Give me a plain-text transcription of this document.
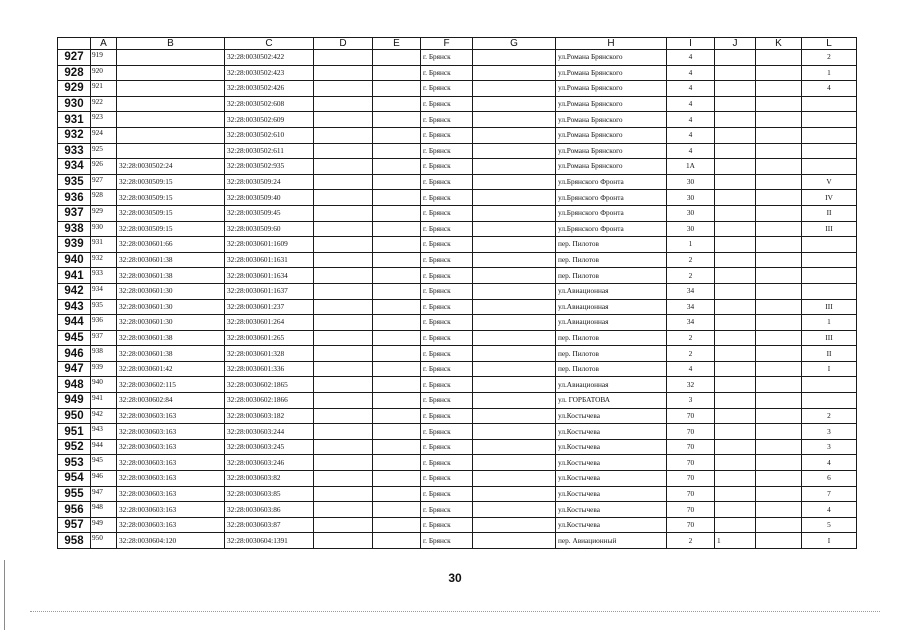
	A	B	C	D	E	F	G	H	I	J	K	L
927	919		32:28:0030502:422			г. Брянск		ул.Романа Брянского	4			2
928	920		32:28:0030502:423			г. Брянск		ул.Романа Брянского	4			1
929	921		32:28:0030502:426			г. Брянск		ул.Романа Брянского	4			4
930	922		32:28:0030502:608			г. Брянск		ул.Романа Брянского	4			
931	923		32:28:0030502:609			г. Брянск		ул.Романа Брянского	4			
932	924		32:28:0030502:610			г. Брянск		ул.Романа Брянского	4			
933	925		32:28:0030502:611			г. Брянск		ул.Романа Брянского	4			
934	926	32:28:0030502:24	32:28:0030502:935			г. Брянск		ул.Романа Брянского	1А			
935	927	32:28:0030509:15	32:28:0030509:24			г. Брянск		ул.Брянского Фронта	30			V
936	928	32:28:0030509:15	32:28:0030509:40			г. Брянск		ул.Брянского Фронта	30			IV
937	929	32:28:0030509:15	32:28:0030509:45			г. Брянск		ул.Брянского Фронта	30			II
938	930	32:28:0030509:15	32:28:0030509:60			г. Брянск		ул.Брянского Фронта	30			III
939	931	32:28:0030601:66	32:28:0030601:1609			г. Брянск		пер. Пилотов	1			
940	932	32:28:0030601:38	32:28:0030601:1631			г. Брянск		пер. Пилотов	2			
941	933	32:28:0030601:38	32:28:0030601:1634			г. Брянск		пер. Пилотов	2			
942	934	32:28:0030601:30	32:28:0030601:1637			г. Брянск		ул.Авиационная	34			
943	935	32:28:0030601:30	32:28:0030601:237			г. Брянск		ул.Авиационная	34			III
944	936	32:28:0030601:30	32:28:0030601:264			г. Брянск		ул.Авиационная	34			1
945	937	32:28:0030601:38	32:28:0030601:265			г. Брянск		пер. Пилотов	2			III
946	938	32:28:0030601:38	32:28:0030601:328			г. Брянск		пер. Пилотов	2			II
947	939	32:28:0030601:42	32:28:0030601:336			г. Брянск		пер. Пилотов	4			I
948	940	32:28:0030602:115	32:28:0030602:1865			г. Брянск		ул.Авиационная	32			
949	941	32:28:0030602:84	32:28:0030602:1866			г. Брянск		ул. ГОРБАТОВА	3			
950	942	32:28:0030603:163	32:28:0030603:182			г. Брянск		ул.Костычева	70			2
951	943	32:28:0030603:163	32:28:0030603:244			г. Брянск		ул.Костычева	70			3
952	944	32:28:0030603:163	32:28:0030603:245			г. Брянск		ул.Костычева	70			3
953	945	32:28:0030603:163	32:28:0030603:246			г. Брянск		ул.Костычева	70			4
954	946	32:28:0030603:163	32:28:0030603:82			г. Брянск		ул.Костычева	70			6
955	947	32:28:0030603:163	32:28:0030603:85			г. Брянск		ул.Костычева	70			7
956	948	32:28:0030603:163	32:28:0030603:86			г. Брянск		ул.Костычева	70			4
957	949	32:28:0030603:163	32:28:0030603:87			г. Брянск		ул.Костычева	70			5
958	950	32:28:0030604:120	32:28:0030604:1391			г. Брянск		пер. Авиационный	2	1		I
30
